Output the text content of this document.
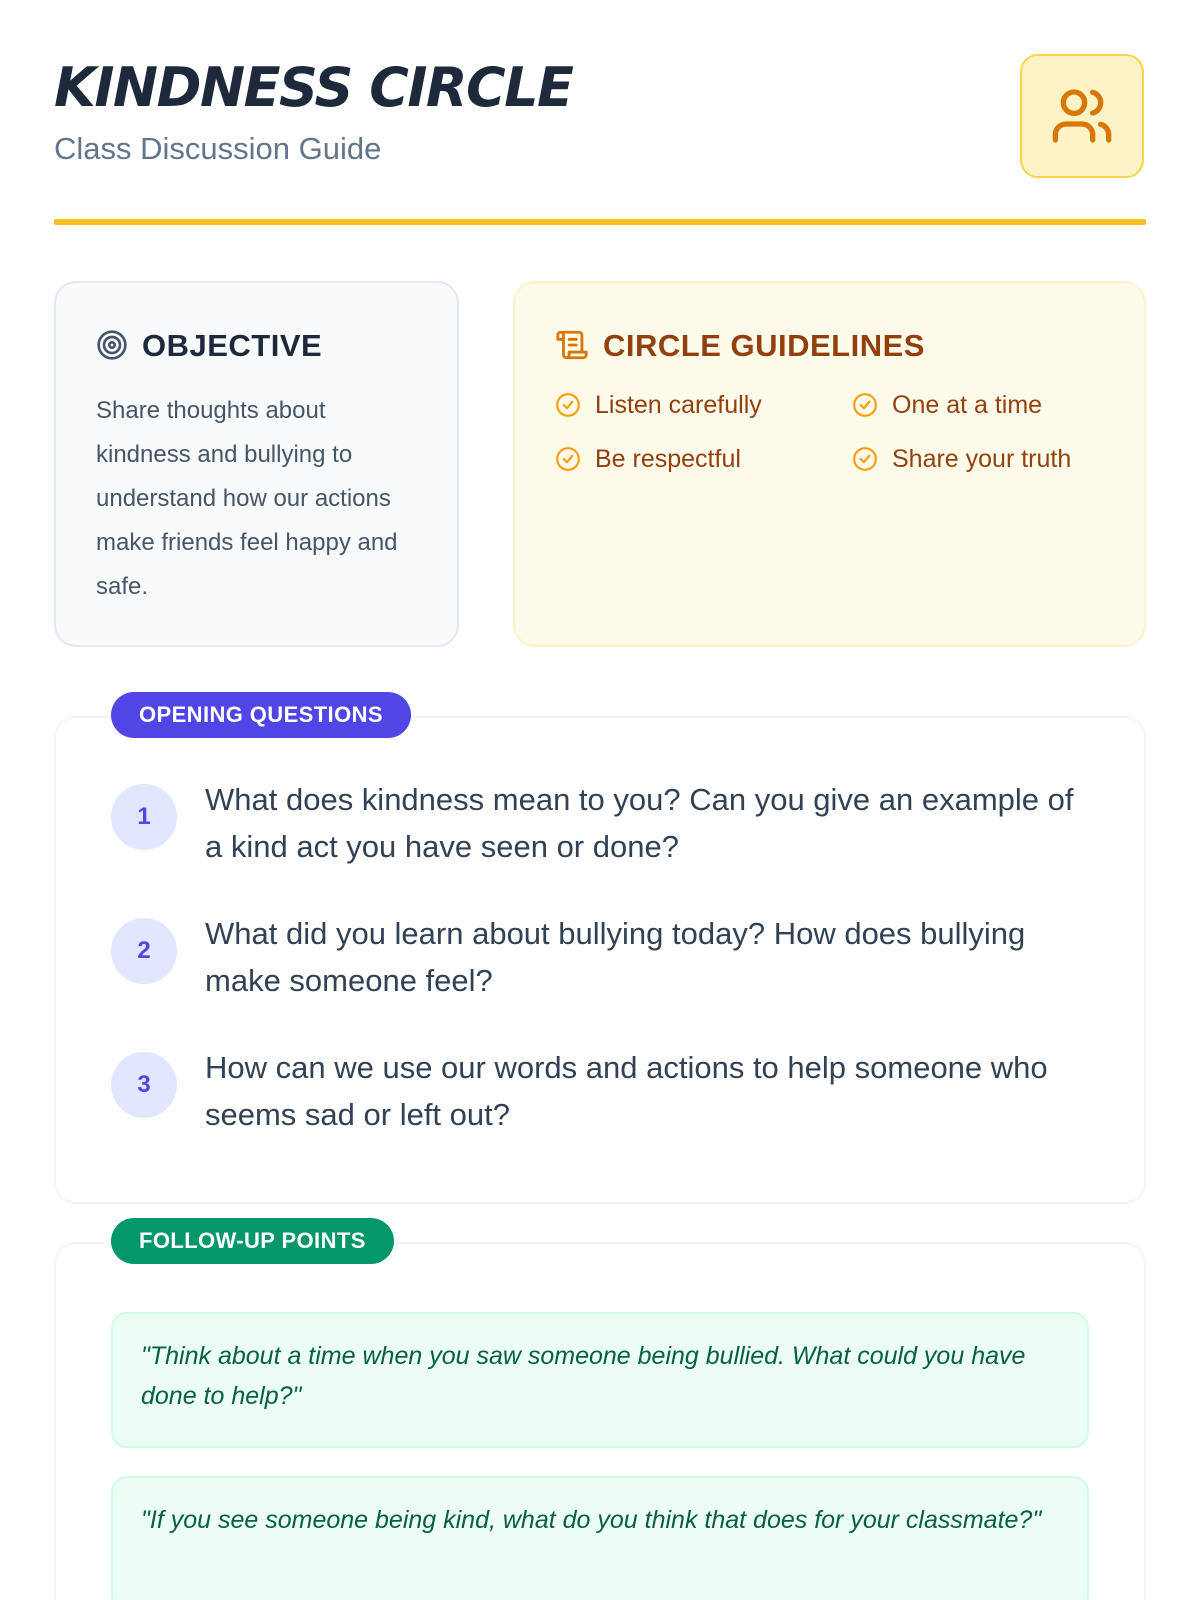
KINDNESS CIRCLE
Class Discussion Guide
OBJECTIVE

Share thoughts about kindness and bullying to understand how our actions make friends feel happy and safe.

CIRCLE GUIDELINES
Listen carefully	One at a time
Be respectful	Share your truth
OPENING QUESTIONS
1	What does kindness mean to you? Can you give an example of a kind act you have seen or done?

2	What did you learn about bullying today? How does bullying make someone feel?

3	How can we use our words and actions to help someone who seems sad or left out?

FOLLOW-UP POINTS

"Think about a time when you saw someone being bullied. What could you have done to help?"

"If you see someone being kind, what do you think that does for your classmate?"
